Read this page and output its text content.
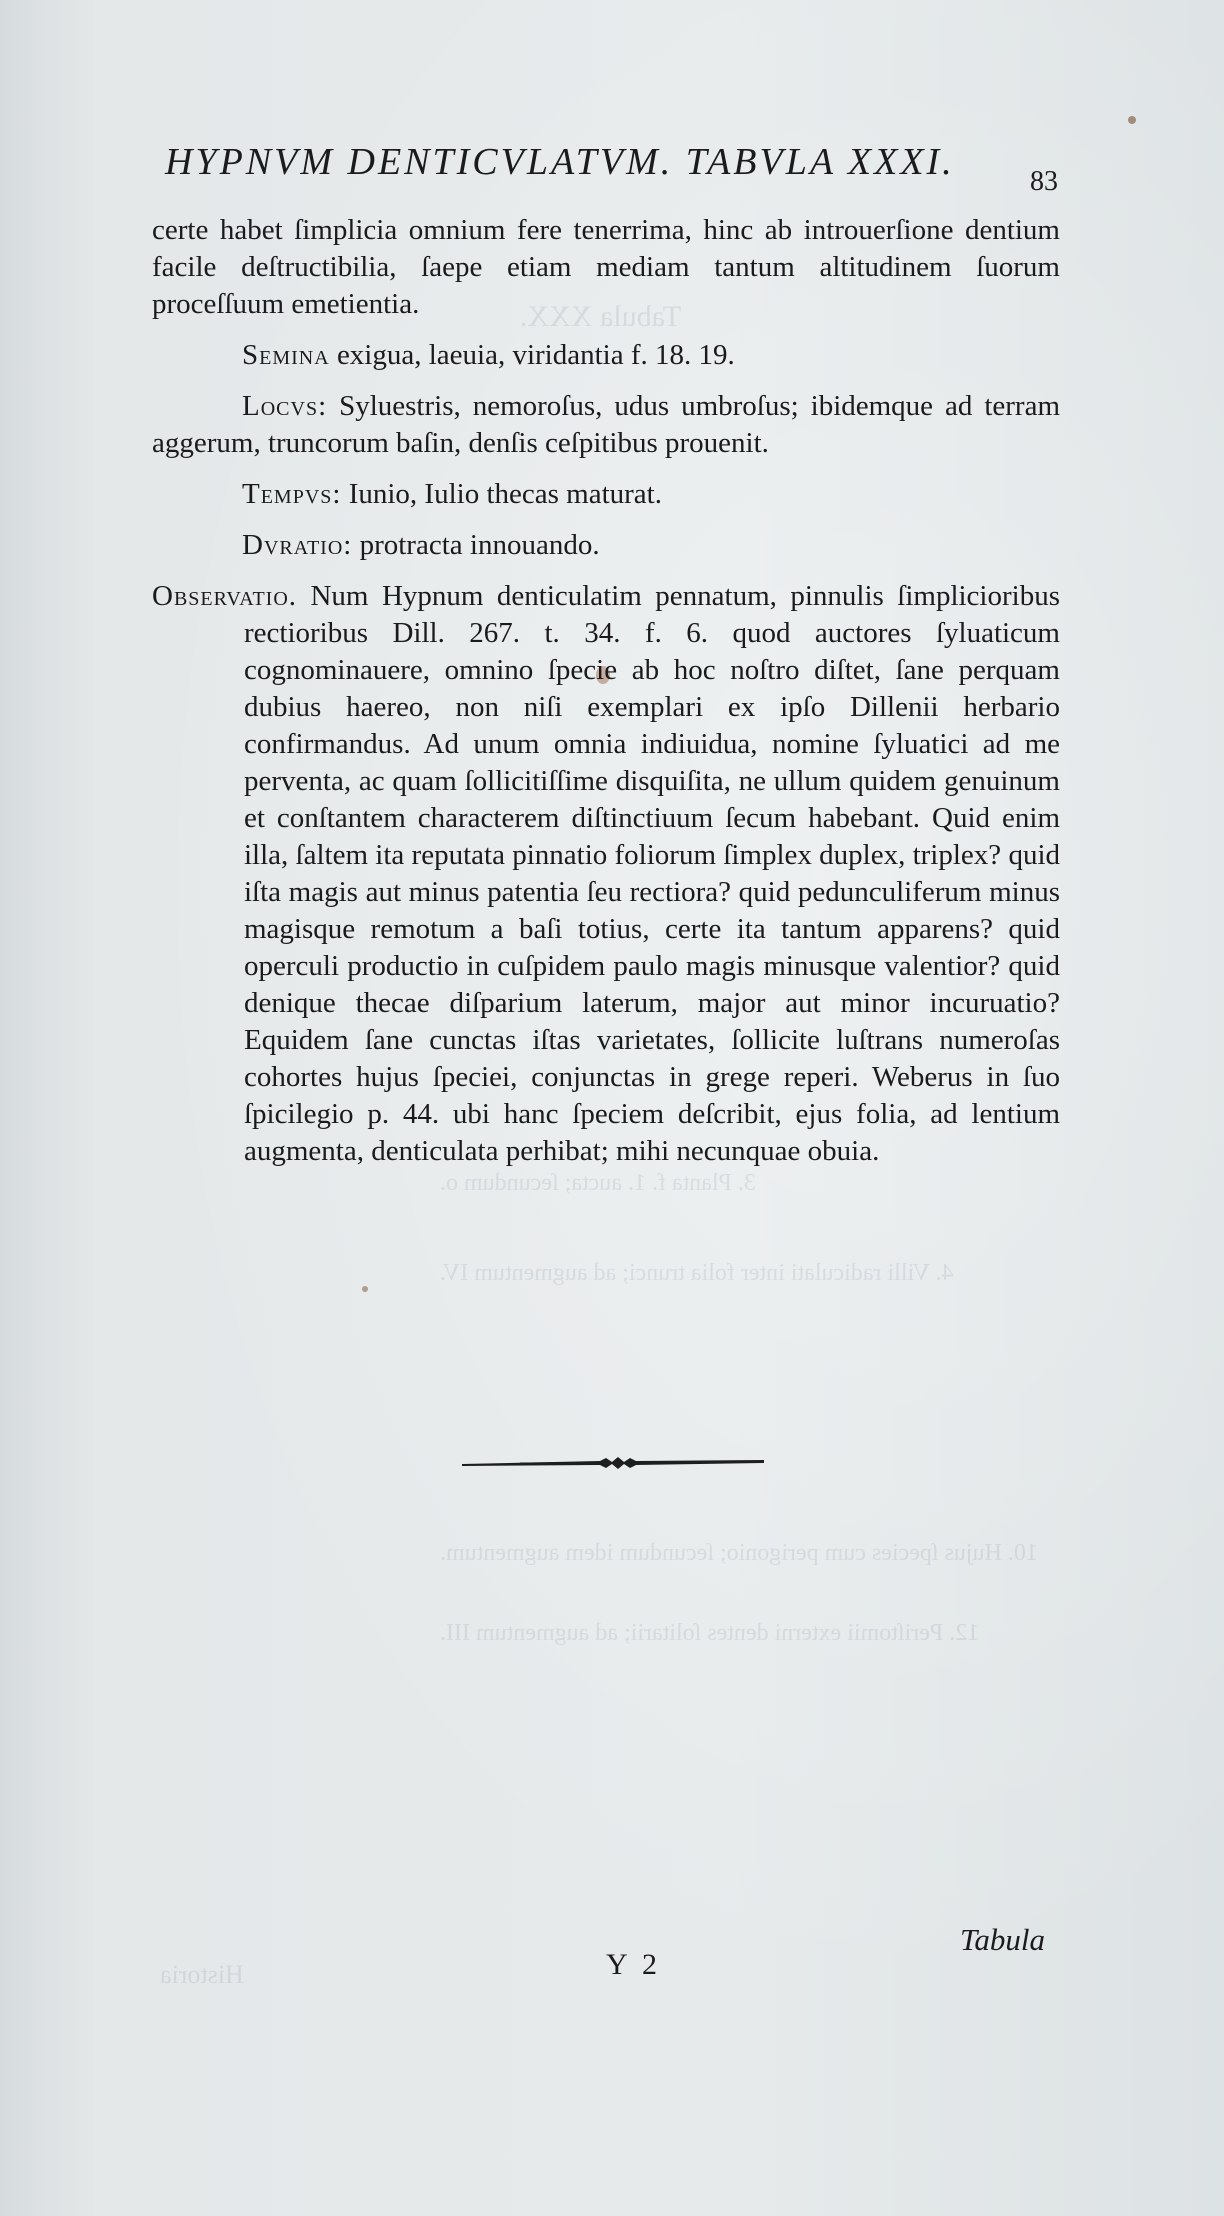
Tabula XXX.
3. Planta f. 1. aucta; ſecundum o.
4. Villi radiculati inter folia trunci; ad augmentum IV.
10. Hujus ſpecies cum perigonio; ſecundum idem augmentum.
12. Periſtomii externi dentes ſolitarii; ad augmentum III.
Historia
HYPNVM DENTICVLATVM. TABVLA XXXI.	83

certe habet ſimplicia omnium fere tenerrima, hinc ab introuerſione dentium facile deſtructibilia, ſaepe etiam mediam tantum altitudinem ſuorum proceſſuum emetientia.

Semina exigua, laeuia, viridantia f. 18. 19.

Locvs: Syluestris, nemoroſus, udus umbroſus; ibidemque ad terram aggerum, truncorum baſin, denſis ceſpitibus prouenit.

Tempvs: Iunio, Iulio thecas maturat.

Dvratio: protracta innouando.

Observatio. Num Hypnum denticulatim pennatum, pinnulis ſimplicioribus rectioribus Dill. 267. t. 34. f. 6. quod auctores ſyluaticum cognominauere, omnino ſpecie ab hoc noſtro diſtet, ſane perquam dubius haereo, non niſi exemplari ex ipſo Dillenii herbario confirmandus. Ad unum omnia indiuidua, nomine ſyluatici ad me perventa, ac quam ſollicitiſſime disquiſita, ne ullum quidem genuinum et conſtantem characterem diſtinctiuum ſecum habebant. Quid enim illa, ſaltem ita reputata pinnatio foliorum ſimplex duplex, triplex? quid iſta magis aut minus patentia ſeu rectiora? quid pedunculiferum minus magisque remotum a baſi totius, certe ita tantum apparens? quid operculi productio in cuſpidem paulo magis minusque valentior? quid denique thecae diſparium laterum, major aut minor incuruatio? Equidem ſane cunctas iſtas varietates, ſollicite luſtrans numeroſas cohortes hujus ſpeciei, conjunctas in grege reperi. Weberus in ſuo ſpicilegio p. 44. ubi hanc ſpeciem deſcribit, ejus folia, ad lentium augmenta, denticulata perhibat; mihi necunquae obuia.

Y 2
Tabula
